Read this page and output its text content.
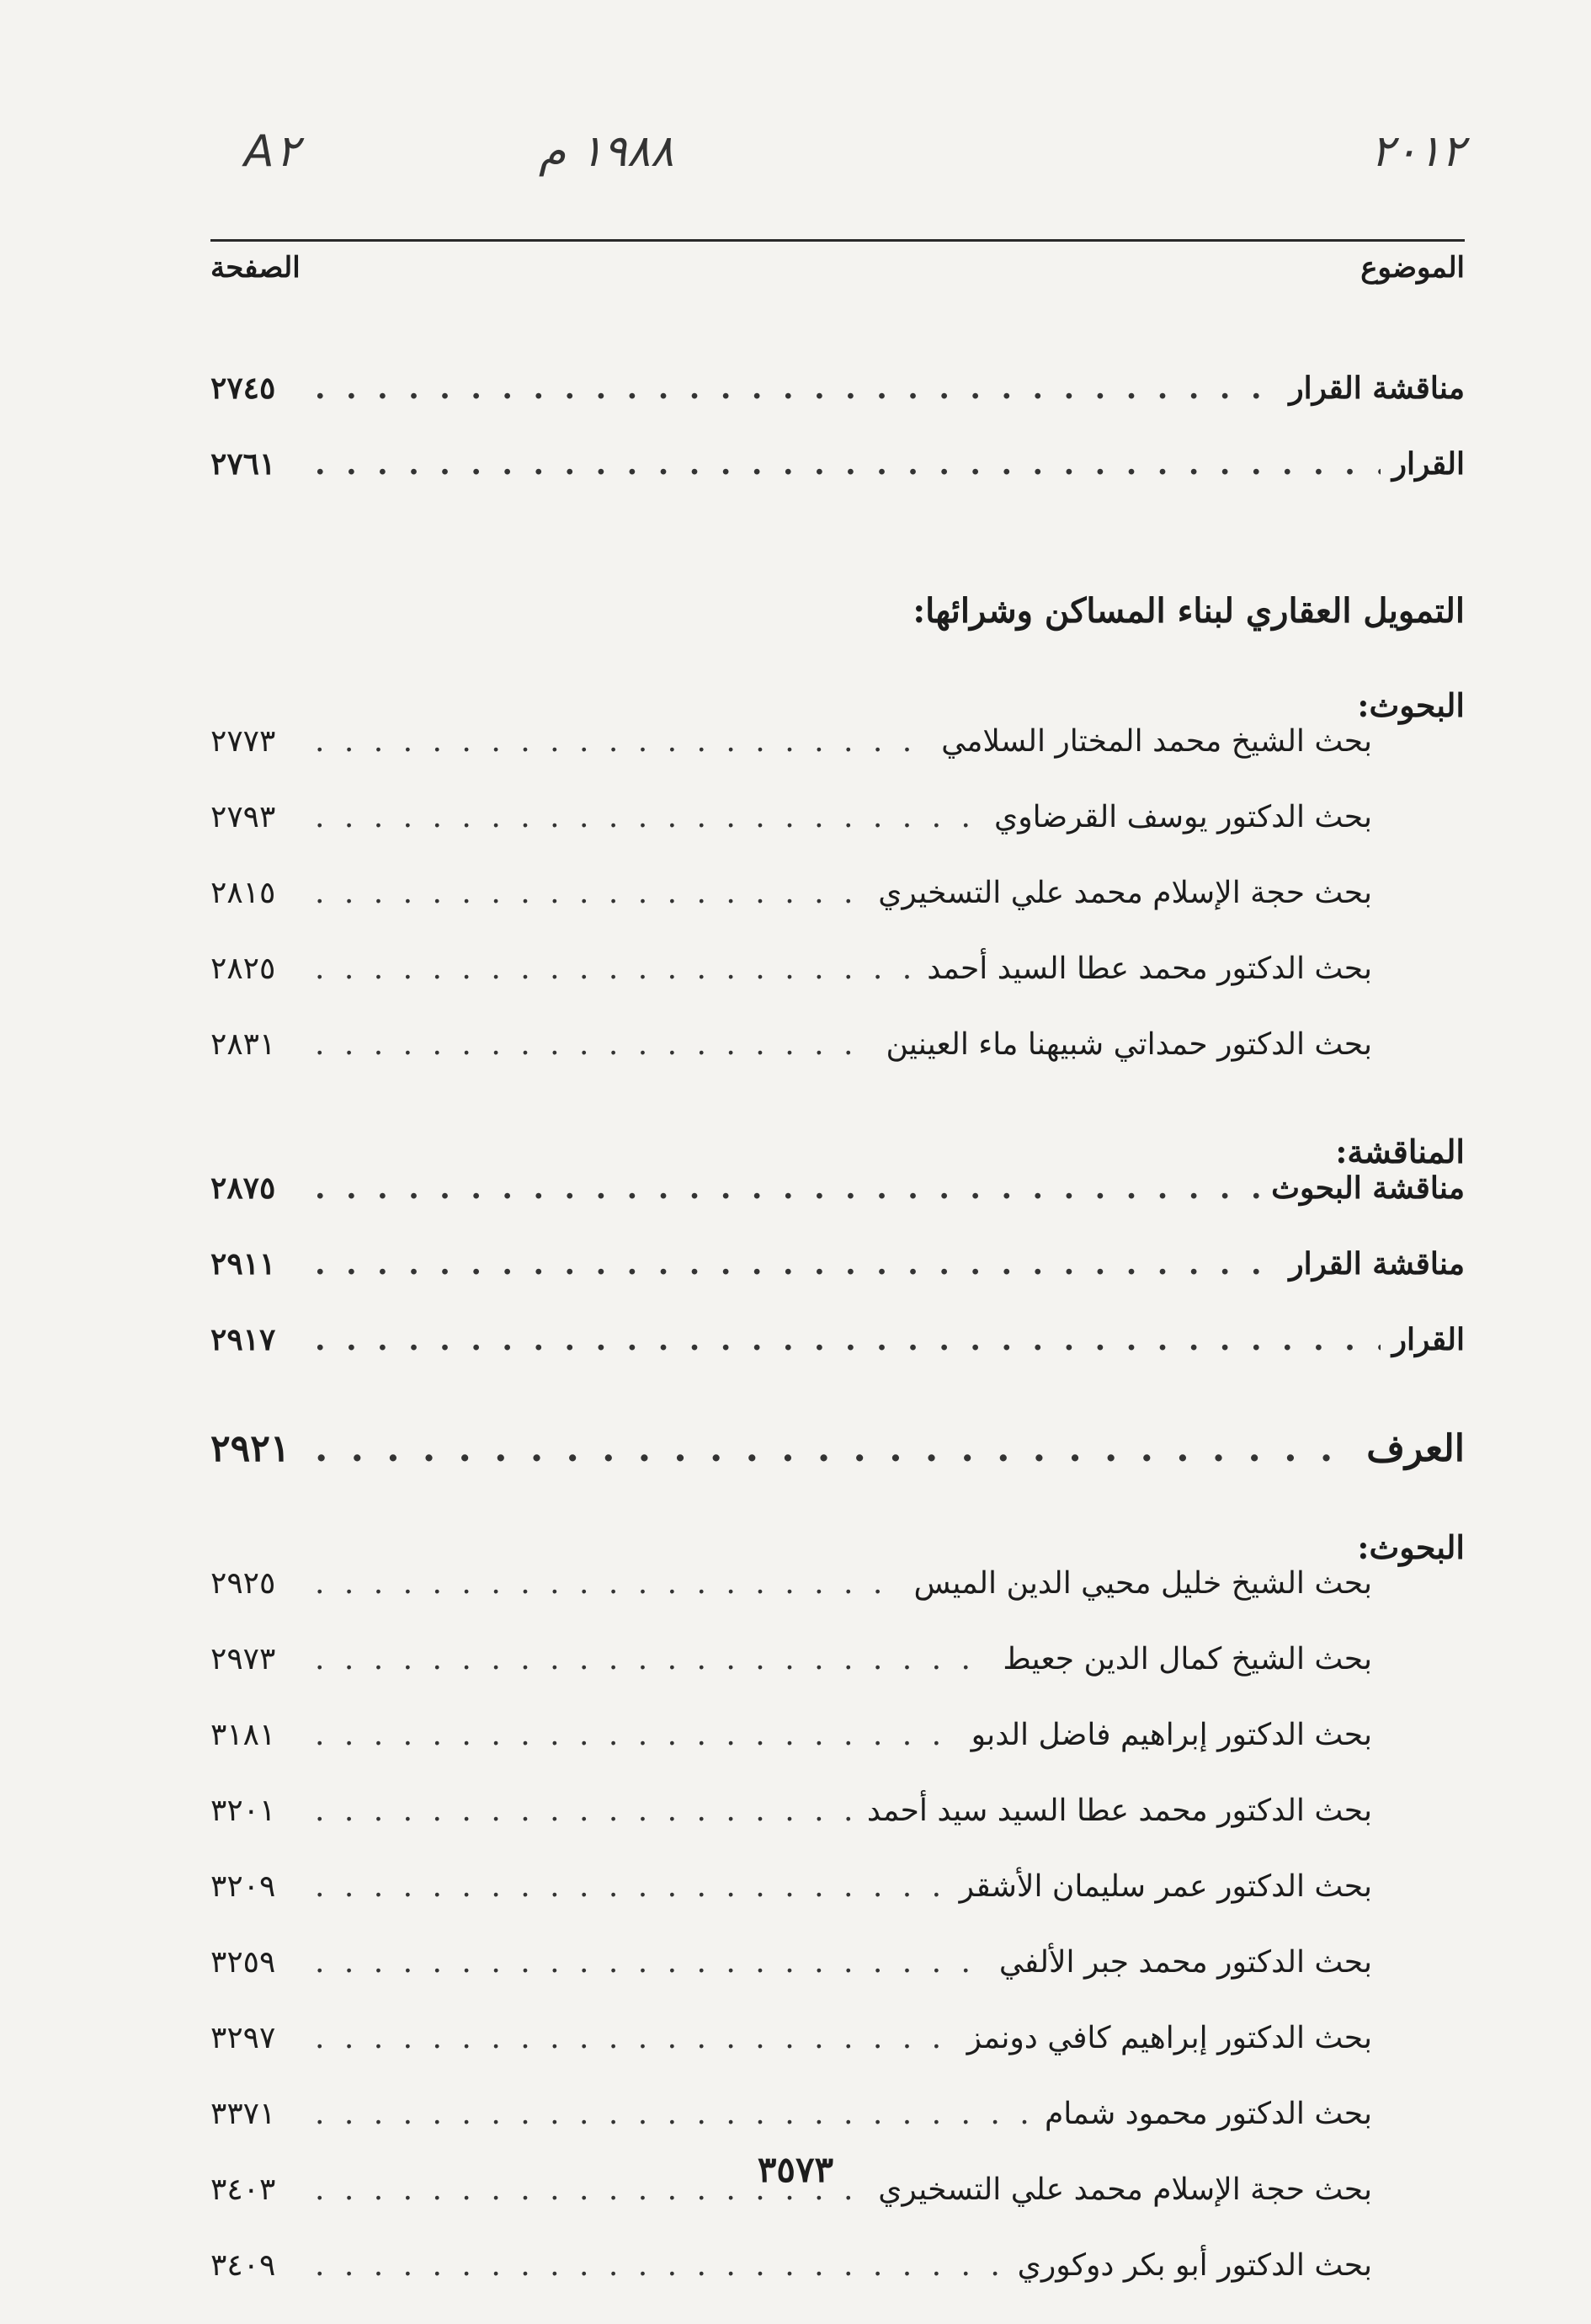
٢٠١٢
١٩٨٨ م
A٢
الموضوع
الصفحة
مناقشة القرار
. . .
٢٧٤٥
القرار
. . .
٢٧٦١
التمويل العقاري لبناء المساكن وشرائها:
البحوث:
بحث الشيخ محمد المختار السلامي
. . .
٢٧٧٣
بحث الدكتور يوسف القرضاوي
. . .
٢٧٩٣
بحث حجة الإسلام محمد علي التسخيري
. . .
٢٨١٥
بحث الدكتور محمد عطا السيد أحمد
. . .
٢٨٢٥
بحث الدكتور حمداتي شبيهنا ماء العينين
. . .
٢٨٣١
المناقشة:
مناقشة البحوث
. . .
٢٨٧٥
مناقشة القرار
. . .
٢٩١١
القرار
. . .
٢٩١٧
العرف
. . .
٢٩٢١
البحوث:
بحث الشيخ خليل محيي الدين الميس
. . .
٢٩٢٥
بحث الشيخ كمال الدين جعيط
. . .
٢٩٧٣
بحث الدكتور إبراهيم فاضل الدبو
. . .
٣١٨١
بحث الدكتور محمد عطا السيد سيد أحمد
. . .
٣٢٠١
بحث الدكتور عمر سليمان الأشقر
. . .
٣٢٠٩
بحث الدكتور محمد جبر الألفي
. . .
٣٢٥٩
بحث الدكتور إبراهيم كافي دونمز
. . .
٣٢٩٧
بحث الدكتور محمود شمام
. . .
٣٣٧١
بحث حجة الإسلام محمد علي التسخيري
. . .
٣٤٠٣
بحث الدكتور أبو بكر دوكوري
. . .
٣٤٠٩
٣٥٧٣
